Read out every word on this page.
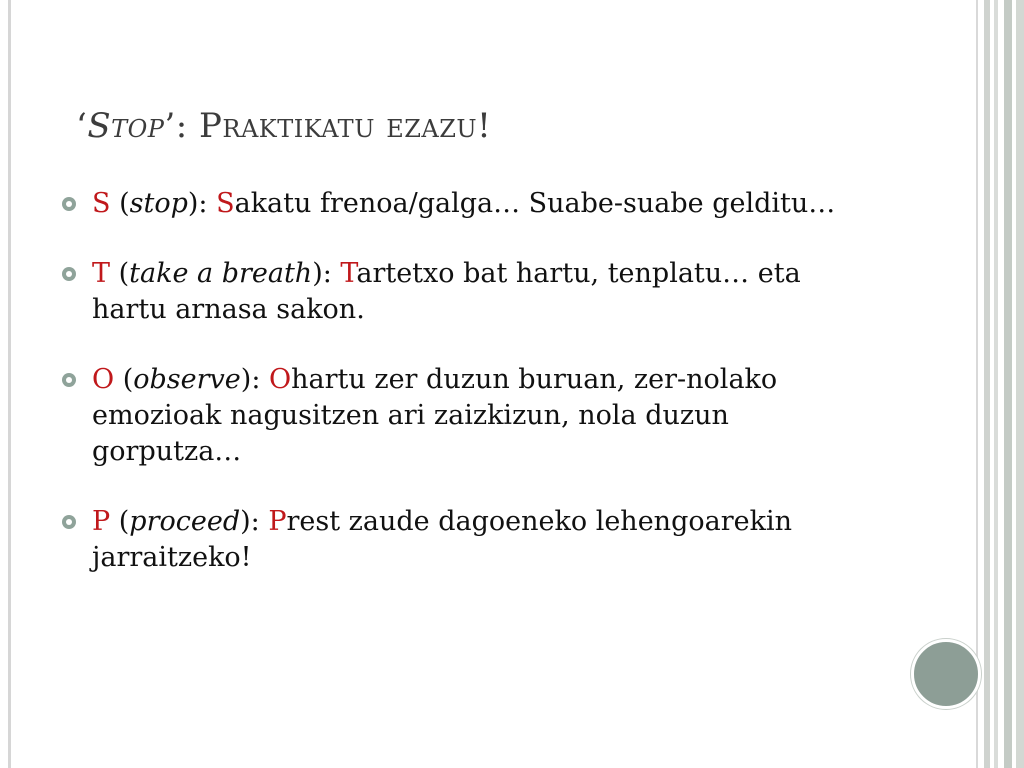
‘Stop’: Praktikatu ezazu!
S (stop): Sakatu frenoa/galga… Suabe-suabe gelditu…
T (take a breath): Tartetxo bat hartu, tenplatu… eta hartu arnasa sakon.
O (observe): Ohartu zer duzun buruan, zer-nolako emozioak nagusitzen ari zaizkizun, nola duzun gorputza…
P (proceed): Prest zaude dagoeneko lehengoarekin jarraitzeko!
